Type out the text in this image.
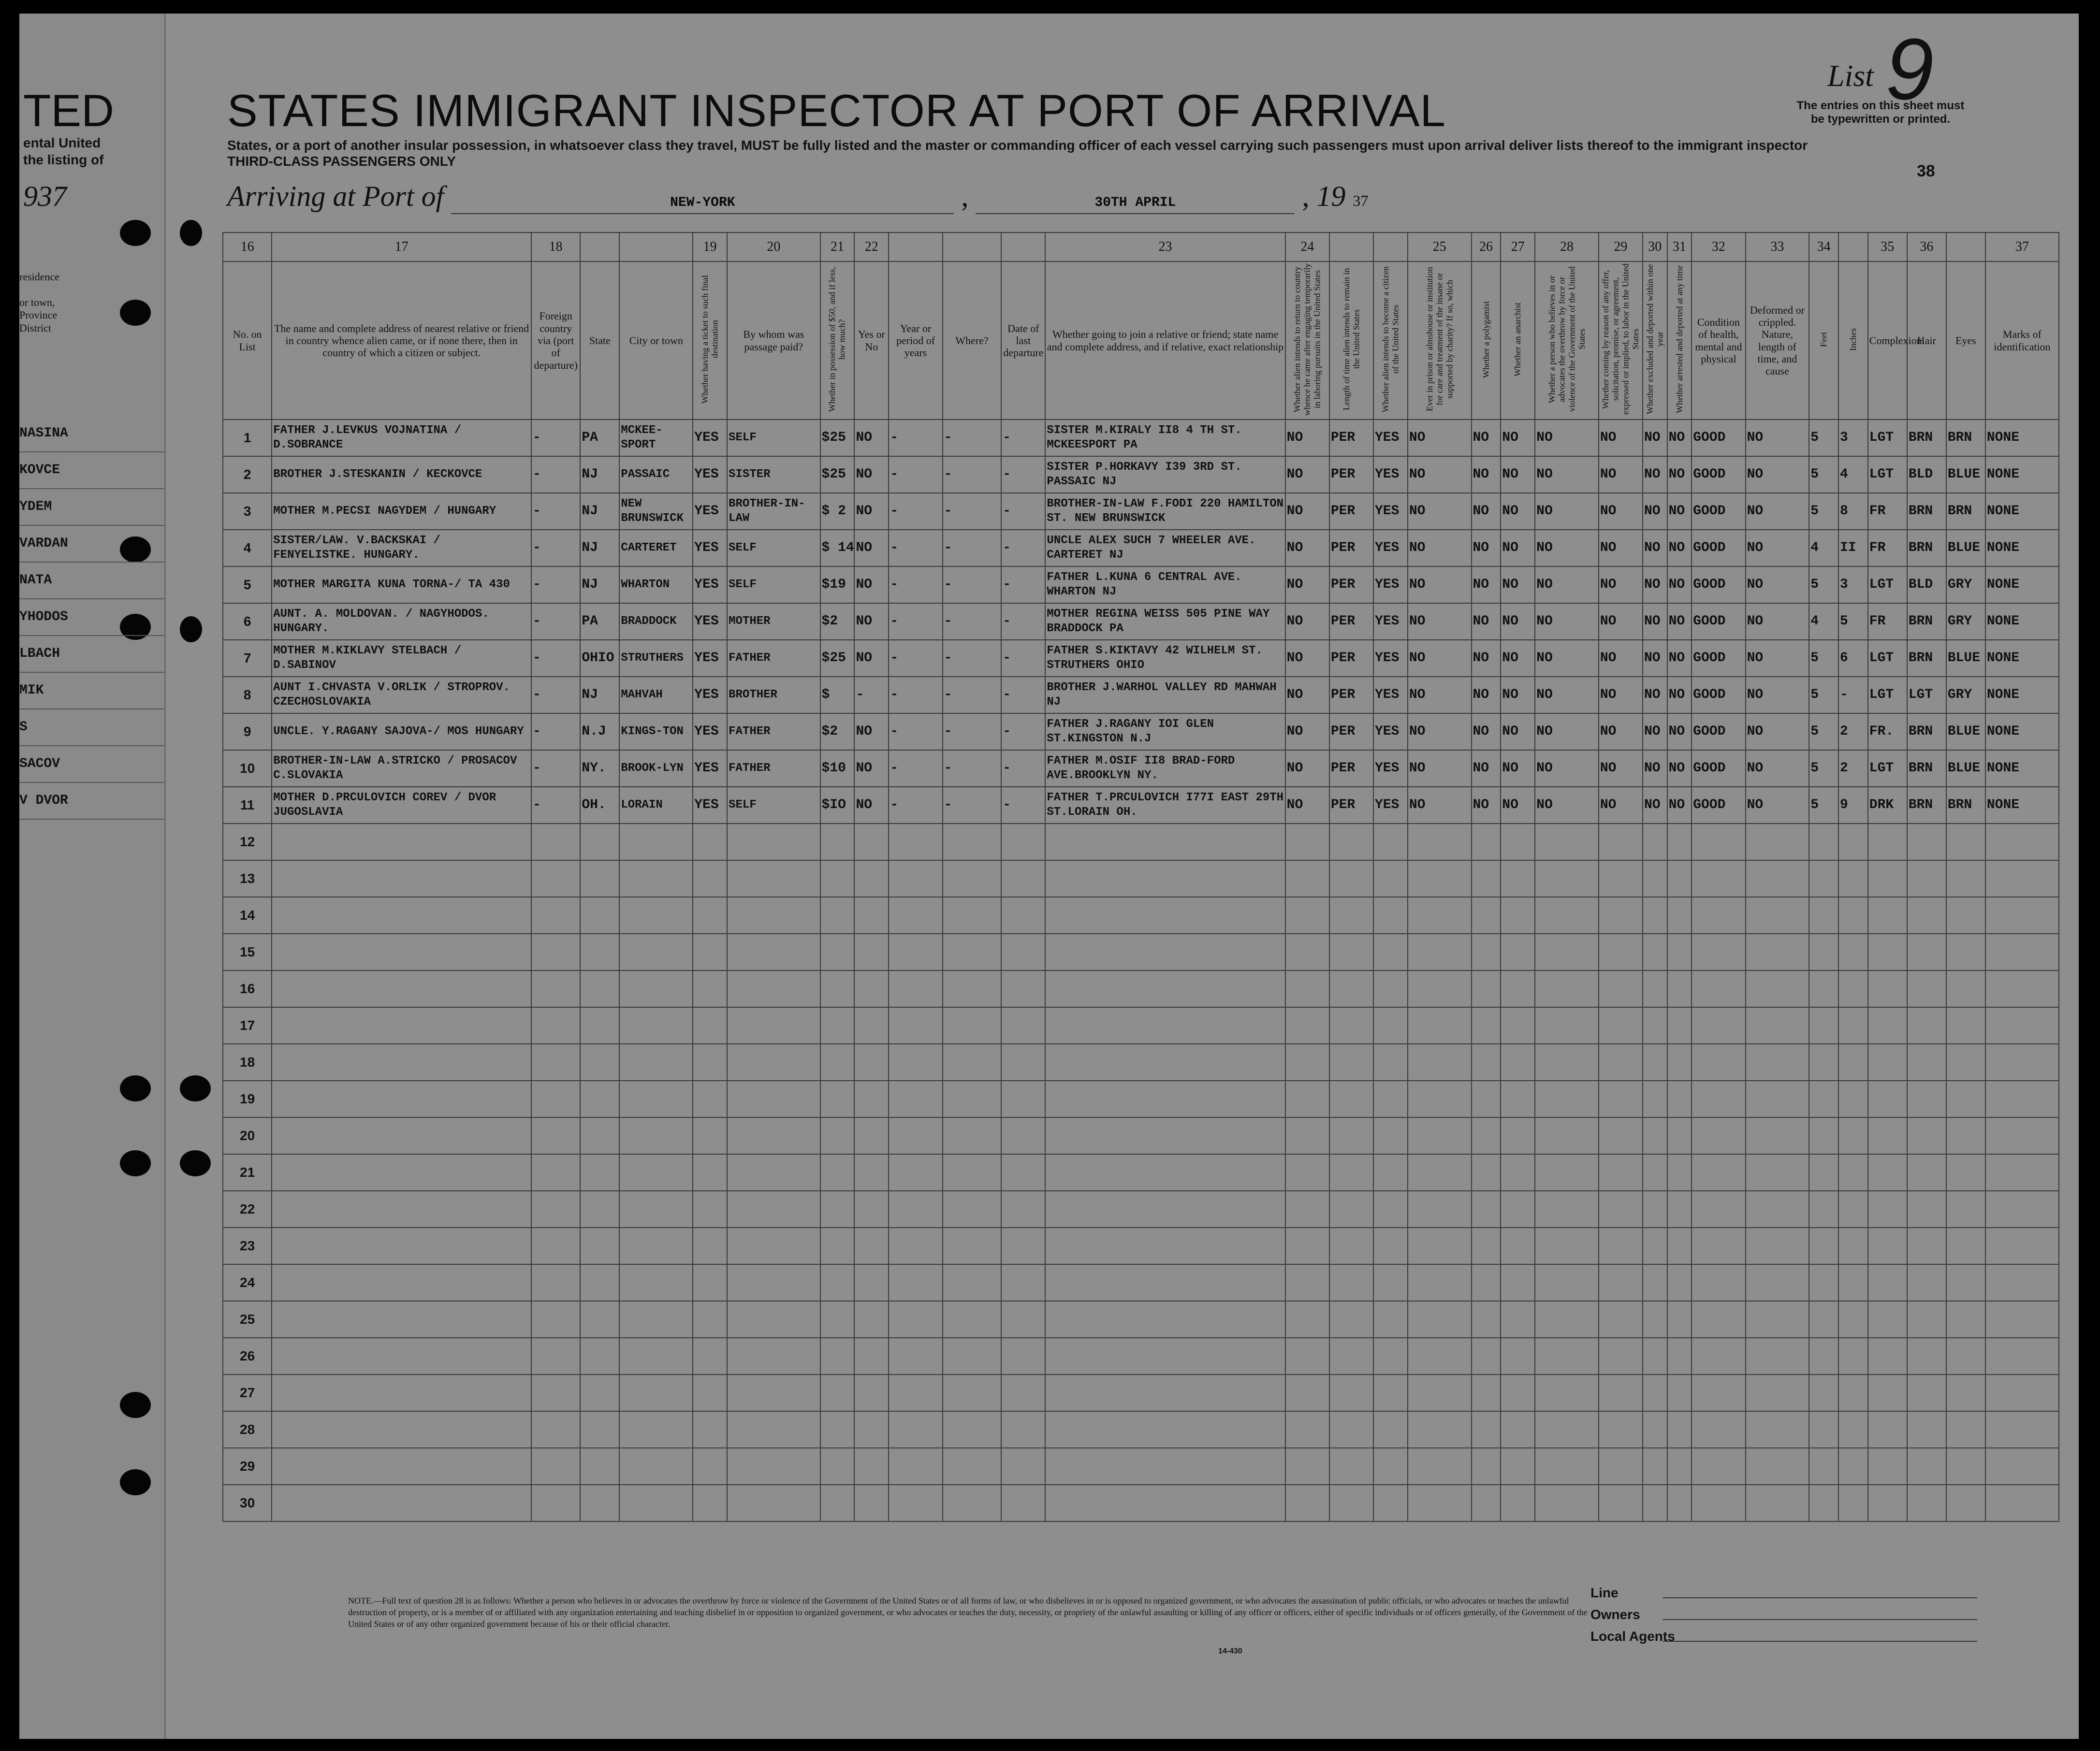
TED
ental United
the listing of
937
STATES IMMIGRANT INSPECTOR AT PORT OF ARRIVAL
States, or a port of another insular possession, in whatsoever class they travel, MUST be fully listed and the master or commanding officer of each vessel carrying such passengers must upon arrival deliver lists thereof to the immigrant inspector
THIRD-CLASS PASSENGERS ONLY
List 9
The entries on this sheet must be typewritten or printed.
38
Arriving at Port of	NEW-YORK	,	30TH APRIL	, 19 37
residence

or town,
Province
District
NASINA
KOVCE
YDEM
VARDAN
NATA
YHODOS
LBACH
MIK
S
SACOV
V DVOR
16	17	18			19	20	21	22				23	24			25	26	27	28	29	30	31	32	33	34		35	36		37
No. on List	The name and complete address of nearest relative or friend in country whence alien came, or if none there, then in country of which a citizen or subject.	Foreign country via (port of departure)	State	City or town	Whether having a ticket to such final destination	By whom was passage paid?	Whether in possession of $50, and if less, how much?	Yes or No	Year or period of years	Where?	Date of last departure	Whether going to join a relative or friend; state name and complete address, and if relative, exact relationship	Whether alien intends to return to country whence he came after engaging temporarily in laboring pursuits in the United States	Length of time alien intends to remain in the United States	Whether alien intends to become a citizen of the United States	Ever in prison or almshouse or institution for care and treatment of the insane or supported by charity? If so, which	Whether a polygamist	Whether an anarchist	Whether a person who believes in or advocates the overthrow by force or violence of the Government of the United States	Whether coming by reason of any offer, solicitation, promise, or agreement, expressed or implied, to labor in the United States	Whether excluded and deported within one year	Whether arrested and deported at any time	Condition of health, mental and physical	Deformed or crippled. Nature, length of time, and cause	Feet	Inches	Complexion	Hair	Eyes	Marks of identification
1	FATHER J.LEVKUS VOJNATINA / D.SOBRANCE	-	PA	MCKEE-SPORT	YES	SELF	$25	NO	-	-	-	SISTER M.KIRALY II8 4 TH ST. MCKEESPORT PA	NO	PER	YES	NO	NO	NO	NO	NO	NO	NO	GOOD	NO	5	3	LGT	BRN	BRN	NONE
2	BROTHER J.STESKANIN / KECKOVCE	-	NJ	PASSAIC	YES	SISTER	$25	NO	-	-	-	SISTER P.HORKAVY I39 3RD ST. PASSAIC NJ	NO	PER	YES	NO	NO	NO	NO	NO	NO	NO	GOOD	NO	5	4	LGT	BLD	BLUE	NONE
3	MOTHER M.PECSI NAGYDEM / HUNGARY	-	NJ	NEW BRUNSWICK	YES	BROTHER-IN-LAW	$ 2	NO	-	-	-	BROTHER-IN-LAW F.FODI 220 HAMILTON ST. NEW BRUNSWICK	NO	PER	YES	NO	NO	NO	NO	NO	NO	NO	GOOD	NO	5	8	FR	BRN	BRN	NONE
4	SISTER/LAW. V.BACKSKAI / FENYELISTKE. HUNGARY.	-	NJ	CARTERET	YES	SELF	$ 14	NO	-	-	-	UNCLE ALEX SUCH 7 WHEELER AVE. CARTERET NJ	NO	PER	YES	NO	NO	NO	NO	NO	NO	NO	GOOD	NO	4	II	FR	BRN	BLUE	NONE
5	MOTHER MARGITA KUNA TORNA-/ TA 430	-	NJ	WHARTON	YES	SELF	$19	NO	-	-	-	FATHER L.KUNA 6 CENTRAL AVE. WHARTON NJ	NO	PER	YES	NO	NO	NO	NO	NO	NO	NO	GOOD	NO	5	3	LGT	BLD	GRY	NONE
6	AUNT. A. MOLDOVAN. / NAGYHODOS. HUNGARY.	-	PA	BRADDOCK	YES	MOTHER	$2	NO	-	-	-	MOTHER REGINA WEISS 505 PINE WAY BRADDOCK PA	NO	PER	YES	NO	NO	NO	NO	NO	NO	NO	GOOD	NO	4	5	FR	BRN	GRY	NONE
7	MOTHER M.KIKLAVY STELBACH / D.SABINOV	-	OHIO	STRUTHERS	YES	FATHER	$25	NO	-	-	-	FATHER S.KIKTAVY 42 WILHELM ST. STRUTHERS OHIO	NO	PER	YES	NO	NO	NO	NO	NO	NO	NO	GOOD	NO	5	6	LGT	BRN	BLUE	NONE
8	AUNT I.CHVASTA V.ORLIK / STROPROV. CZECHOSLOVAKIA	-	NJ	MAHVAH	YES	BROTHER	$	-	-	-	-	BROTHER J.WARHOL VALLEY RD MAHWAH NJ	NO	PER	YES	NO	NO	NO	NO	NO	NO	NO	GOOD	NO	5	-	LGT	LGT	GRY	NONE
9	UNCLE. Y.RAGANY SAJOVA-/ MOS HUNGARY	-	N.J	KINGS-TON	YES	FATHER	$2	NO	-	-	-	FATHER J.RAGANY IOI GLEN ST.KINGSTON N.J	NO	PER	YES	NO	NO	NO	NO	NO	NO	NO	GOOD	NO	5	2	FR.	BRN	BLUE	NONE
10	BROTHER-IN-LAW A.STRICKO / PROSACOV C.SLOVAKIA	-	NY.	BROOK-LYN	YES	FATHER	$10	NO	-	-	-	FATHER M.OSIF II8 BRAD-FORD AVE.BROOKLYN NY.	NO	PER	YES	NO	NO	NO	NO	NO	NO	NO	GOOD	NO	5	2	LGT	BRN	BLUE	NONE
11	MOTHER D.PRCULOVICH COREV / DVOR JUGOSLAVIA	-	OH.	LORAIN	YES	SELF	$IO	NO	-	-	-	FATHER T.PRCULOVICH I77I EAST 29TH ST.LORAIN OH.	NO	PER	YES	NO	NO	NO	NO	NO	NO	NO	GOOD	NO	5	9	DRK	BRN	BRN	NONE
12																														
13																														
14																														
15																														
16																														
17																														
18																														
19																														
20																														
21																														
22																														
23																														
24																														
25																														
26																														
27																														
28																														
29																														
30																														
NOTE.—Full text of question 28 is as follows: Whether a person who believes in or advocates the overthrow by force or violence of the Government of the United States or of all forms of law, or who disbelieves in or is opposed to organized government, or who advocates the assassination of public officials, or who advocates or teaches the unlawful destruction of property, or is a member of or affiliated with any organization entertaining and teaching disbelief in or opposition to organized government, or who advocates or teaches the duty, necessity, or propriety of the unlawful assaulting or killing of any officer or officers, either of specific individuals or of officers generally, of the Government of the United States or of any other organized government because of his or their official character.
14-430
Line
Owners
Local Agents
